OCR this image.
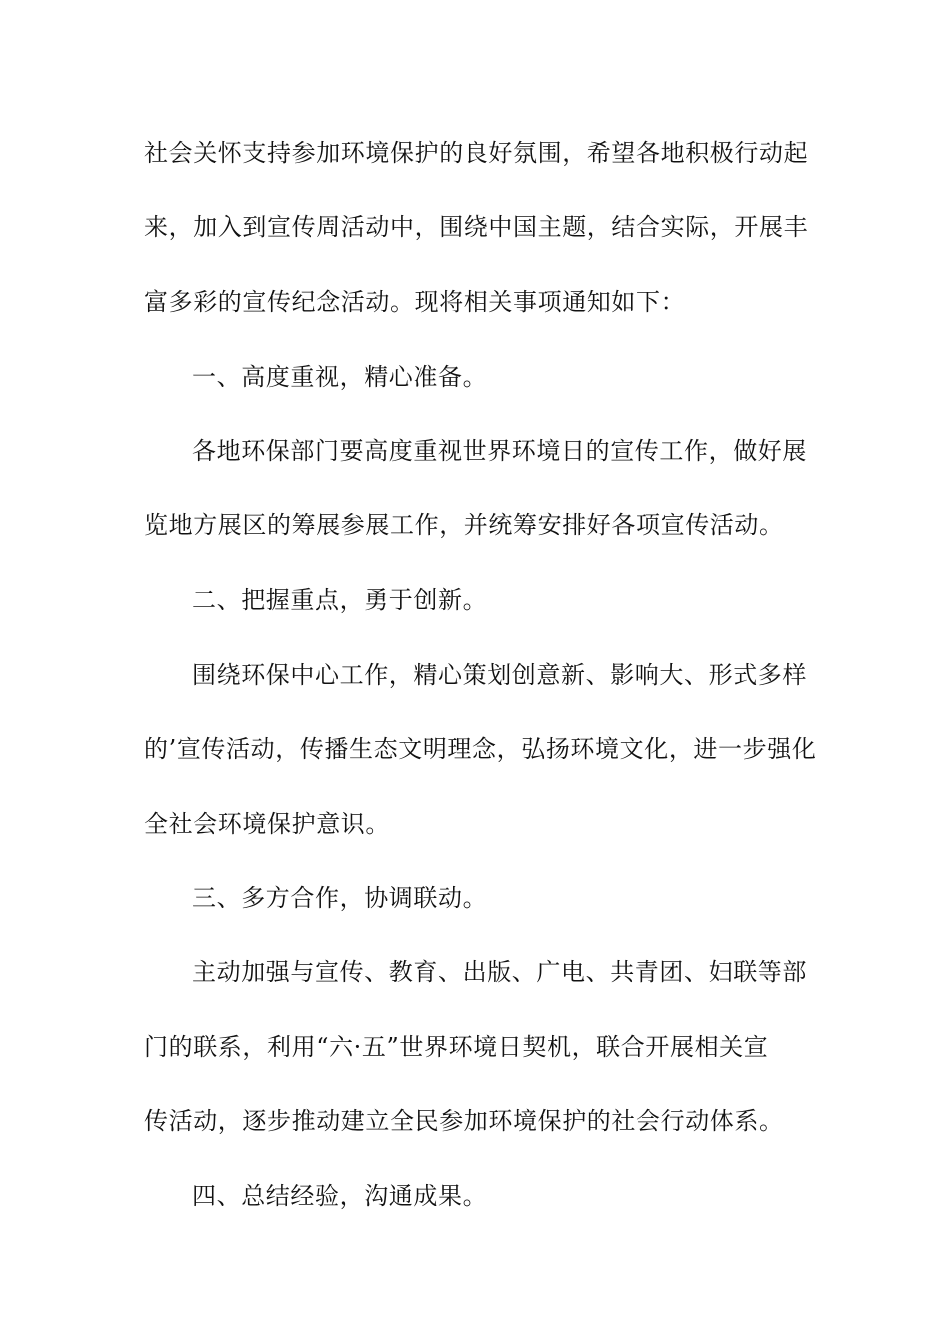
社会关怀支持参加环境保护的良好氛围，希望各地积极行动起
来，加入到宣传周活动中，围绕中国主题，结合实际，开展丰
富多彩的宣传纪念活动。现将相关事项通知如下：
一、高度重视，精心准备。
各地环保部门要高度重视世界环境日的宣传工作，做好展
览地方展区的筹展参展工作，并统筹安排好各项宣传活动。
二、把握重点，勇于创新。
围绕环保中心工作，精心策划创意新、影响大、形式多样
的’宣传活动，传播生态文明理念，弘扬环境文化，进一步强化
全社会环境保护意识。
三、多方合作，协调联动。
主动加强与宣传、教育、出版、广电、共青团、妇联等部
门的联系，利用“六·五”世界环境日契机，联合开展相关宣
传活动，逐步推动建立全民参加环境保护的社会行动体系。
四、总结经验，沟通成果。
